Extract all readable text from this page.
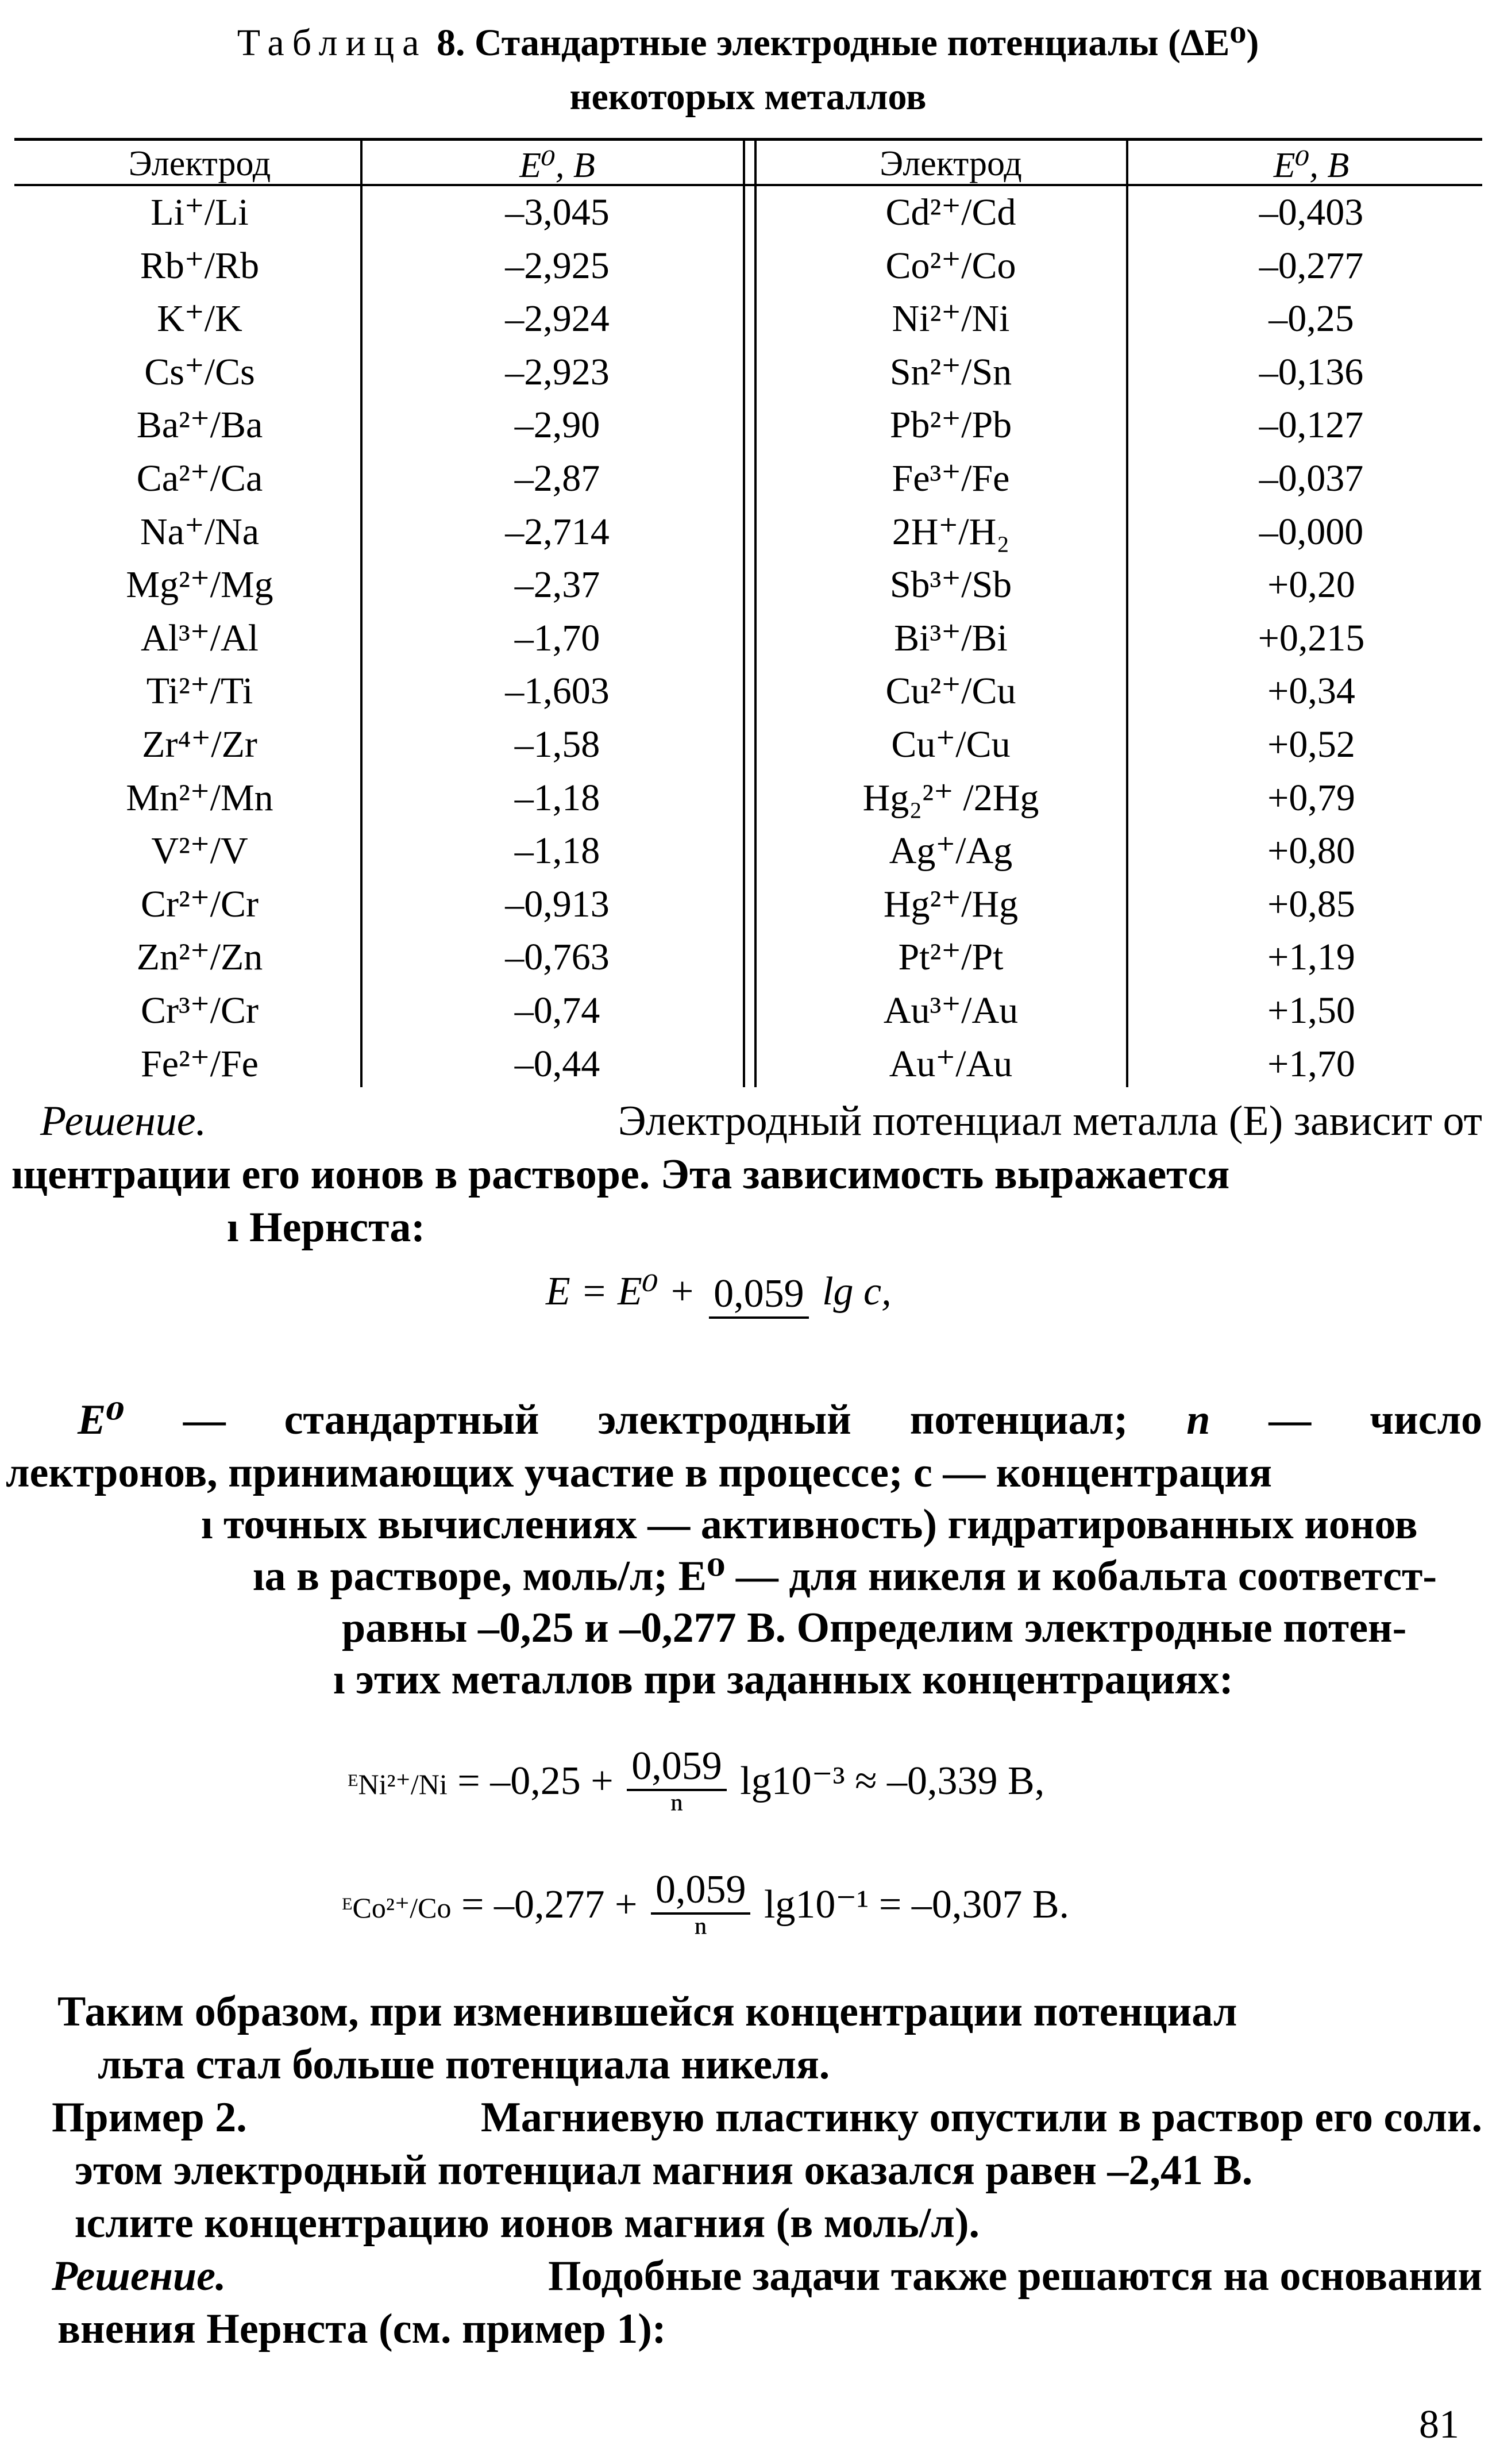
Таблица 8. Стандартные электродные потенциалы (ΔE⁰)
некоторых металлов
Электрод	E⁰, В	Электрод	E⁰, В
Li⁺/Li	–3,045	Cd²⁺/Cd	–0,403
Rb⁺/Rb	–2,925	Co²⁺/Co	–0,277
K⁺/K	–2,924	Ni²⁺/Ni	–0,25
Cs⁺/Cs	–2,923	Sn²⁺/Sn	–0,136
Ba²⁺/Ba	–2,90	Pb²⁺/Pb	–0,127
Ca²⁺/Ca	–2,87	Fe³⁺/Fe	–0,037
Na⁺/Na	–2,714	2H⁺/H₂	–0,000
Mg²⁺/Mg	–2,37	Sb³⁺/Sb	+0,20
Al³⁺/Al	–1,70	Bi³⁺/Bi	+0,215
Ti²⁺/Ti	–1,603	Cu²⁺/Cu	+0,34
Zr⁴⁺/Zr	–1,58	Cu⁺/Cu	+0,52
Mn²⁺/Mn	–1,18	Hg₂²⁺ /2Hg	+0,79
V²⁺/V	–1,18	Ag⁺/Ag	+0,80
Cr²⁺/Cr	–0,913	Hg²⁺/Hg	+0,85
Zn²⁺/Zn	–0,763	Pt²⁺/Pt	+1,19
Cr³⁺/Cr	–0,74	Au³⁺/Au	+1,50
Fe²⁺/Fe	–0,44	Au⁺/Au	+1,70
Решение.	Электродный потенциал металла (E) зависит от
ıцентрации его ионов в растворе. Эта зависимость выражается
ı Нернста:
E = E⁰ + 0,059 lg c,
E⁰ — стандартный электродный потенциал; n — число
лектронов, принимающих участие в процессе; c — концентрация
ı точных вычислениях — активность) гидратированных ионов
ıa в растворе, моль/л; E⁰ — для никеля и кобальта соответст-
равны –0,25 и –0,277 В. Определим электродные потен-
ı этих металлов при заданных концентрациях:
ᴱNi²⁺/Ni = $-0,25 + \frac{0,059}{\text{ⁿ}} \lg 10^{-3} \approx -0,339$ В,
ᴱCo²⁺/Co = $-0,277 + \frac{0,059}{\text{ⁿ}} \lg 10^{-1} = -0,307$ В.
Таким образом, при изменившейся концентрации потенциал
льта стал больше потенциала никеля.
Пример 2.	Магниевую пластинку опустили в раствор его соли.
этом электродный потенциал магния оказался равен –2,41 В.
ıслите концентрацию ионов магния (в моль/л).
Решение.	Подобные задачи также решаются на основании
внения Нернста (см. пример 1):
81
